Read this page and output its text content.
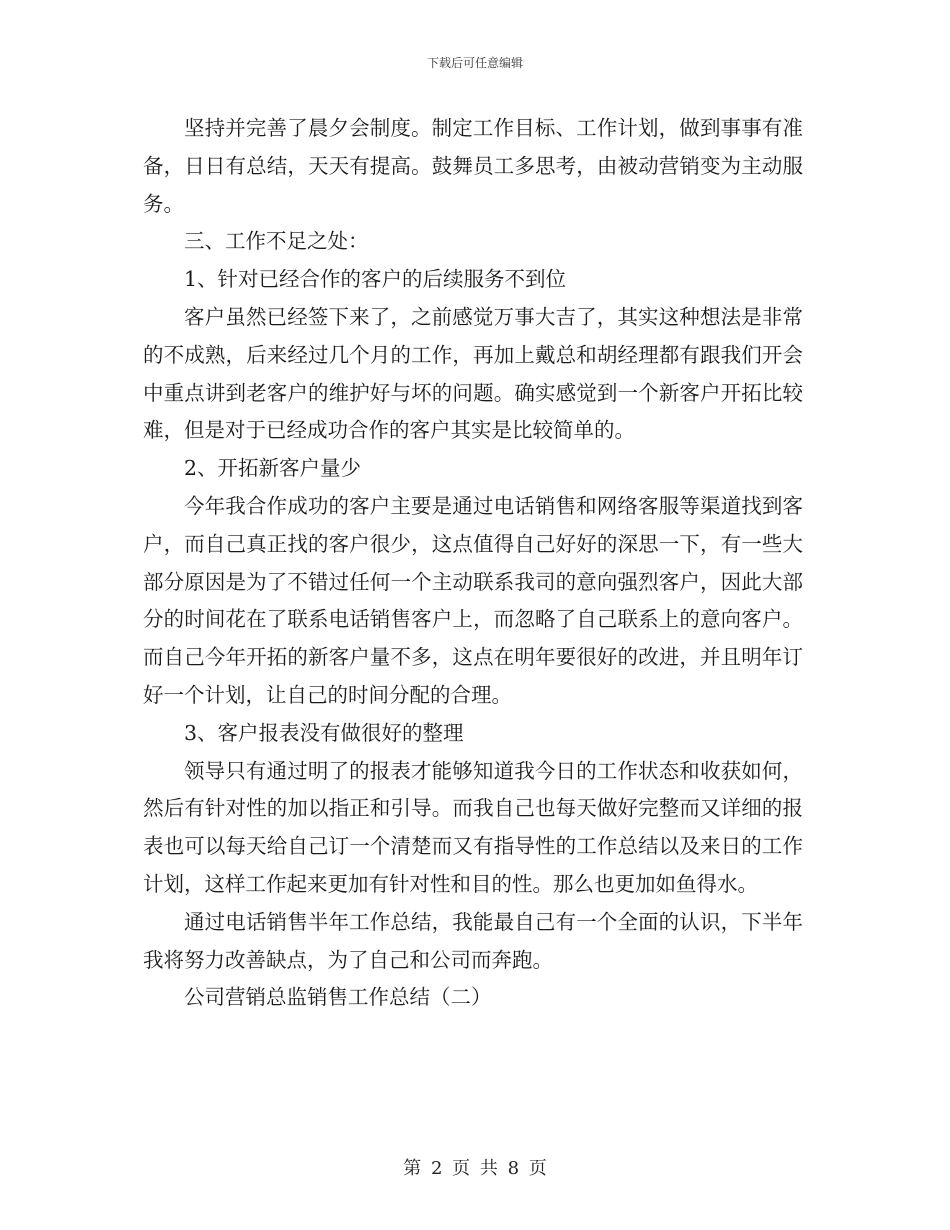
下载后可任意编辑

坚持并完善了晨夕会制度。制定工作目标、工作计划，做到事事有准备，日日有总结，天天有提高。鼓舞员工多思考，由被动营销变为主动服务。

三、工作不足之处：

1、针对已经合作的客户的后续服务不到位

客户虽然已经签下来了，之前感觉万事大吉了，其实这种想法是非常的不成熟，后来经过几个月的工作，再加上戴总和胡经理都有跟我们开会中重点讲到老客户的维护好与坏的问题。确实感觉到一个新客户开拓比较难，但是对于已经成功合作的客户其实是比较简单的。

2、开拓新客户量少

今年我合作成功的客户主要是通过电话销售和网络客服等渠道找到客户，而自己真正找的客户很少，这点值得自己好好的深思一下，有一些大部分原因是为了不错过任何一个主动联系我司的意向强烈客户，因此大部分的时间花在了联系电话销售客户上，而忽略了自己联系上的意向客户。而自己今年开拓的新客户量不多，这点在明年要很好的改进，并且明年订好一个计划，让自己的时间分配的合理。

3、客户报表没有做很好的整理

领导只有通过明了的报表才能够知道我今日的工作状态和收获如何，然后有针对性的加以指正和引导。而我自己也每天做好完整而又详细的报表也可以每天给自己订一个清楚而又有指导性的工作总结以及来日的工作计划，这样工作起来更加有针对性和目的性。那么也更加如鱼得水。

通过电话销售半年工作总结，我能最自己有一个全面的认识，下半年我将努力改善缺点，为了自己和公司而奔跑。

公司营销总监销售工作总结（二）

第 2 页 共 8 页
